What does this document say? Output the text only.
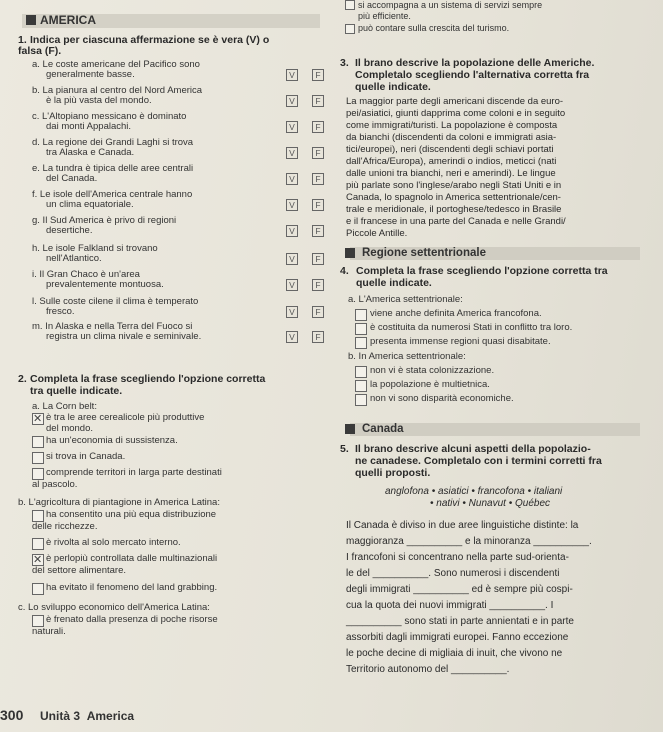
AMERICA
si accompagna a un sistema di servizi sempre
più efficiente.
può contare sulla crescita del turismo.
1. Indica per ciascuna affermazione se è vera (V) o
falsa (F).
a. Le coste americane del Pacifico sono
generalmente basse.	V	F
b. La pianura al centro del Nord America
è la più vasta del mondo.	V	F
c. L'Altopiano messicano è dominato
dai monti Appalachi.	V	F
d. La regione dei Grandi Laghi si trova
tra Alaska e Canada.	V	F
e. La tundra è tipica delle aree centrali
del Canada.	V	F
f. Le isole dell'America centrale hanno
un clima equatoriale.	V	F
g. Il Sud America è privo di regioni
desertiche.	V	F
h. Le isole Falkland si trovano
nell'Atlantico.	V	F
i. Il Gran Chaco è un'area
prevalentemente montuosa.	V	F
l. Sulle coste cilene il clima è temperato
fresco.	V	F
m. In Alaska e nella Terra del Fuoco si
registra un clima nivale e seminivale.	V	F
2. Completa la frase scegliendo l'opzione corretta
tra quelle indicate.
a. La Corn belt:
✕
è tra le aree cerealicole più produttive
del mondo.
ha un'economia di sussistenza.
si trova in Canada.
comprende territori in larga parte destinati
al pascolo.
b. L'agricoltura di piantagione in America Latina:
ha consentito una più equa distribuzione
delle ricchezze.
è rivolta al solo mercato interno.
✕
è perlopiù controllata dalle multinazionali
del settore alimentare.
ha evitato il fenomeno del land grabbing.
c. Lo sviluppo economico dell'America Latina:
è frenato dalla presenza di poche risorse
naturali.
3. Il brano descrive la popolazione delle Americhe.
Completalo scegliendo l'alternativa corretta fra
quelle indicate.
La maggior parte degli americani discende da euro-
pei/asiatici, giunti dapprima come coloni e in seguito
come immigrati/turisti. La popolazione è composta
da bianchi (discendenti da coloni e immigrati asia-
tici/europei), neri (discendenti degli schiavi portati
dall'Africa/Europa), amerindi o indios, meticci (nati
dalle unioni tra bianchi, neri e amerindi). Le lingue
più parlate sono l'inglese/arabo negli Stati Uniti e in
Canada, lo spagnolo in America settentrionale/cen-
trale e meridionale, il portoghese/tedesco in Brasile
e il francese in una parte del Canada e nelle Grandi/
Piccole Antille.
Regione settentrionale
4. Completa la frase scegliendo l'opzione corretta tra
quelle indicate.
a. L'America settentrionale:
viene anche definita America francofona.
è costituita da numerosi Stati in conflitto tra loro.
presenta immense regioni quasi disabitate.
b. In America settentrionale:
non vi è stata colonizzazione.
la popolazione è multietnica.
non vi sono disparità economiche.
Canada
5. Il brano descrive alcuni aspetti della popolazio-
ne canadese. Completalo con i termini corretti fra
quelli proposti.
anglofona • asiatici • francofona • italiani
• nativi • Nunavut • Québec
Il Canada è diviso in due aree linguistiche distinte: la
maggioranza __________ e la minoranza __________.
I francofoni si concentrano nella parte sud-orienta-
le del __________. Sono numerosi i discendenti
degli immigrati __________ ed è sempre più cospi-
cua la quota dei nuovi immigrati __________. I
__________ sono stati in parte annientati e in parte
assorbiti dagli immigrati europei. Fanno eccezione
le poche decine di migliaia di inuit, che vivono ne
Territorio autonomo del __________.
300 Unità 3 America
